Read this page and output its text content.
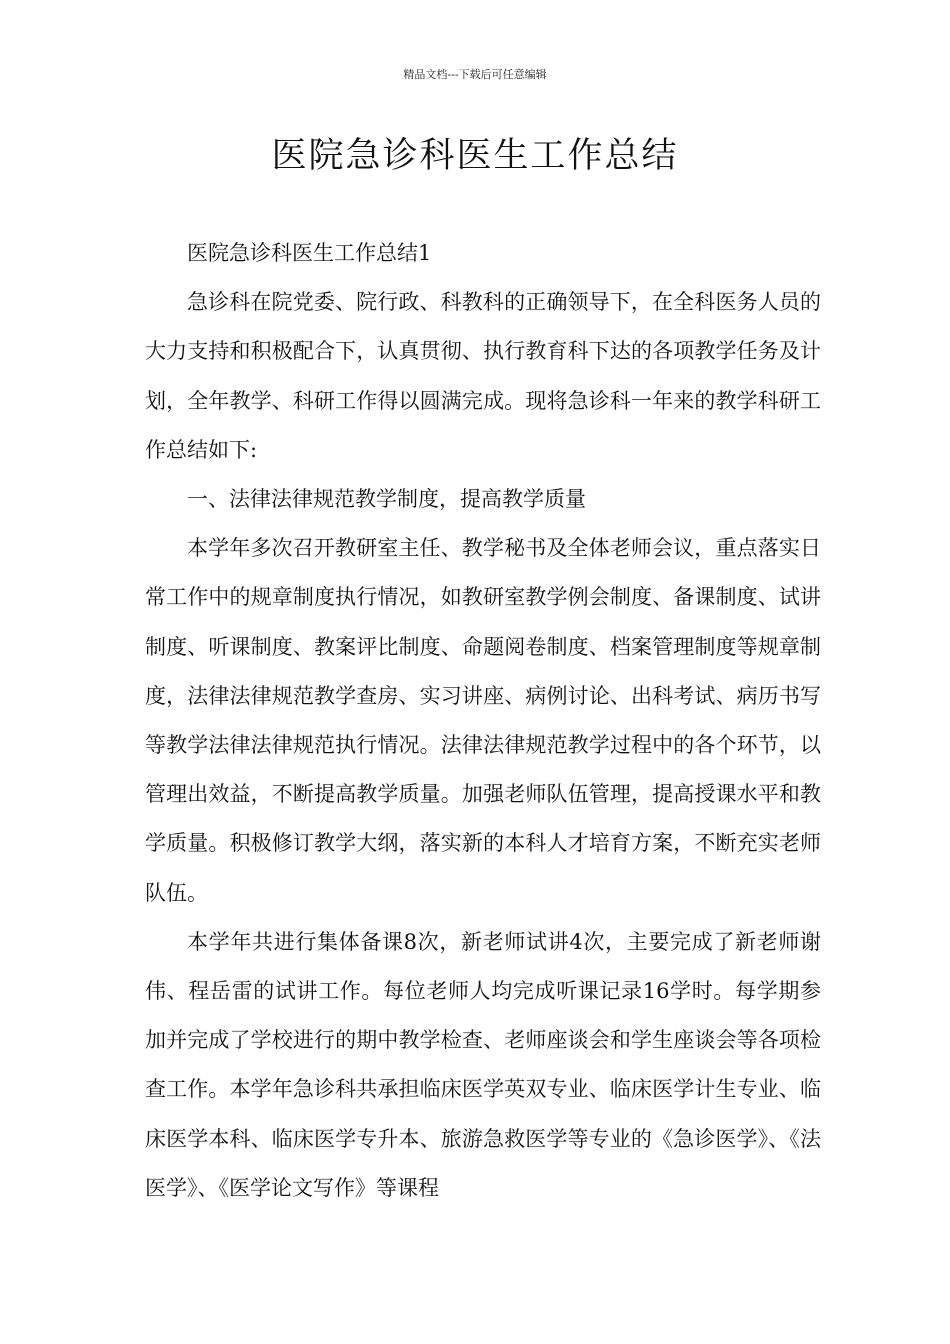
精品文档---下载后可任意编辑
医院急诊科医生工作总结

医院急诊科医生工作总结1

急诊科在院党委、院行政、科教科的正确领导下，在全科医务人员的大力支持和积极配合下，认真贯彻、执行教育科下达的各项教学任务及计划，全年教学、科研工作得以圆满完成。现将急诊科一年来的教学科研工作总结如下:

一、法律法律规范教学制度，提高教学质量

本学年多次召开教研室主任、教学秘书及全体老师会议，重点落实日常工作中的规章制度执行情况，如教研室教学例会制度、备课制度、试讲制度、听课制度、教案评比制度、命题阅卷制度、档案管理制度等规章制度，法律法律规范教学查房、实习讲座、病例讨论、出科考试、病历书写等教学法律法律规范执行情况。法律法律规范教学过程中的各个环节，以管理出效益，不断提高教学质量。加强老师队伍管理，提高授课水平和教学质量。积极修订教学大纲，落实新的本科人才培育方案，不断充实老师队伍。

本学年共进行集体备课8次，新老师试讲4次，主要完成了新老师谢伟、程岳雷的试讲工作。每位老师人均完成听课记录16学时。每学期参加并完成了学校进行的期中教学检查、老师座谈会和学生座谈会等各项检查工作。本学年急诊科共承担临床医学英双专业、临床医学计生专业、临床医学本科、临床医学专升本、旅游急救医学等专业的《急诊医学》、《法医学》、《医学论文写作》等课程
